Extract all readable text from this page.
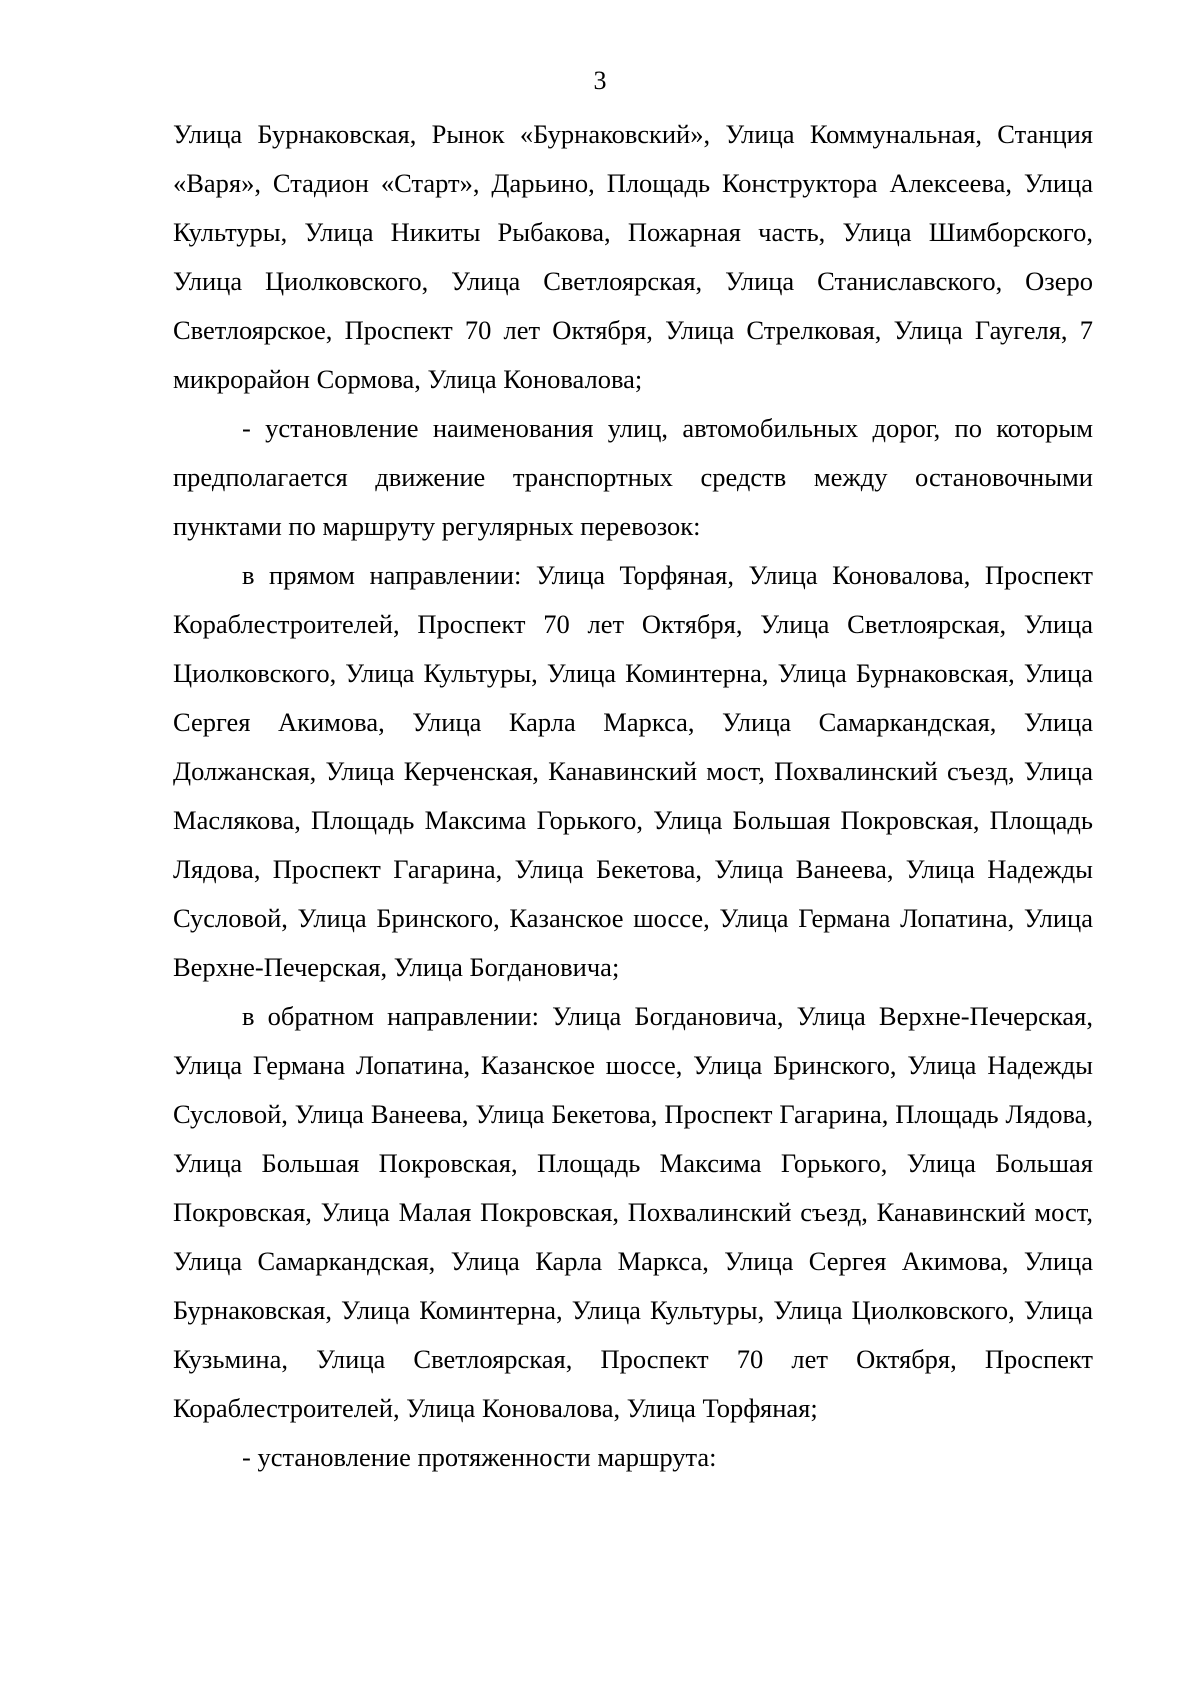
3

Улица Бурнаковская, Рынок «Бурнаковский», Улица Коммунальная, Станция «Варя», Стадион «Старт», Дарьино, Площадь Конструктора Алексеева, Улица Культуры, Улица Никиты Рыбакова, Пожарная часть, Улица Шимборского, Улица Циолковского, Улица Светлоярская, Улица Станиславского, Озеро Светлоярское, Проспект 70 лет Октября, Улица Стрелковая, Улица Гаугеля, 7 микрорайон Сормова, Улица Коновалова;

- установление наименования улиц, автомобильных дорог, по которым предполагается движение транспортных средств между остановочными пунктами по маршруту регулярных перевозок:

в прямом направлении: Улица Торфяная, Улица Коновалова, Проспект Кораблестроителей, Проспект 70 лет Октября, Улица Светлоярская, Улица Циолковского, Улица Культуры, Улица Коминтерна, Улица Бурнаковская, Улица Сергея Акимова, Улица Карла Маркса, Улица Самаркандская, Улица Должанская, Улица Керченская, Канавинский мост, Похвалинский съезд, Улица Маслякова, Площадь Максима Горького, Улица Большая Покровская, Площадь Лядова, Проспект Гагарина, Улица Бекетова, Улица Ванеева, Улица Надежды Сусловой, Улица Бринского, Казанское шоссе, Улица Германа Лопатина, Улица Верхне-Печерская, Улица Богдановича;

в обратном направлении: Улица Богдановича, Улица Верхне-Печерская, Улица Германа Лопатина, Казанское шоссе, Улица Бринского, Улица Надежды Сусловой, Улица Ванеева, Улица Бекетова, Проспект Гагарина, Площадь Лядова, Улица Большая Покровская, Площадь Максима Горького, Улица Большая Покровская, Улица Малая Покровская, Похвалинский съезд, Канавинский мост, Улица Самаркандская, Улица Карла Маркса, Улица Сергея Акимова, Улица Бурнаковская, Улица Коминтерна, Улица Культуры, Улица Циолковского, Улица Кузьмина, Улица Светлоярская, Проспект 70 лет Октября, Проспект Кораблестроителей, Улица Коновалова, Улица Торфяная;

- установление протяженности маршрута:
